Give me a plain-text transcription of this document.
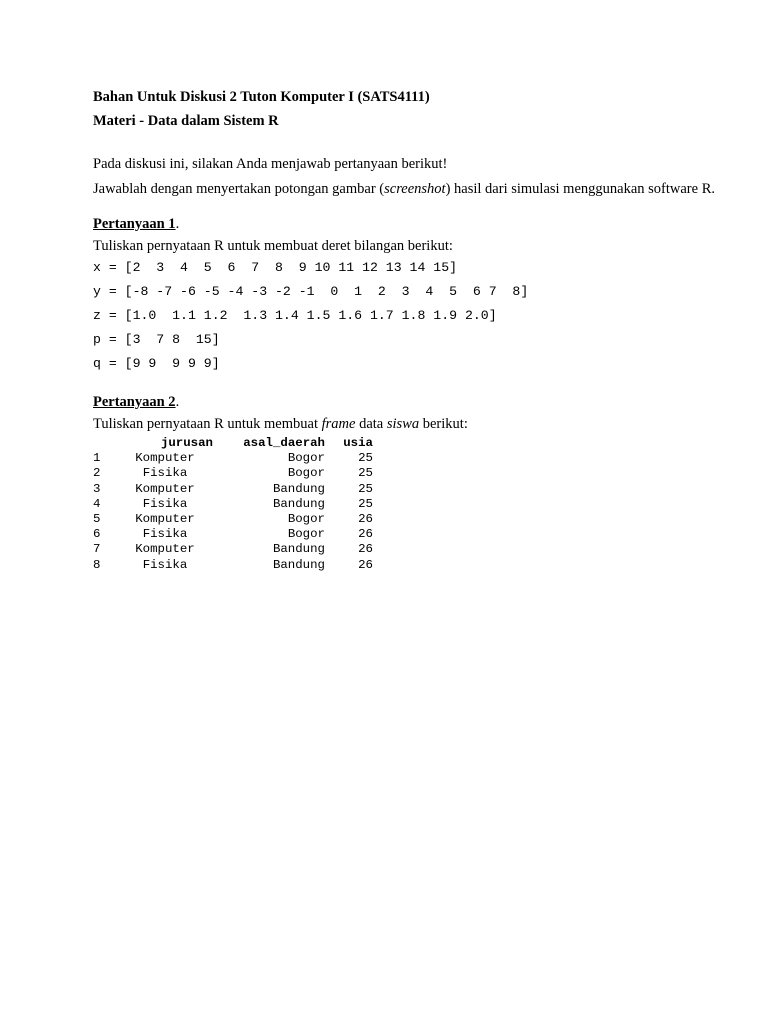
Bahan Untuk Diskusi 2 Tuton Komputer I (SATS4111)

Materi - Data dalam Sistem R

Pada diskusi ini, silakan Anda menjawab pertanyaan berikut!

Jawablah dengan menyertakan potongan gambar (screenshot) hasil dari simulasi menggunakan software R.

Pertanyaan 1.

Tuliskan pernyataan R untuk membuat deret bilangan berikut:

x = [2  3  4  5  6  7  8  9 10 11 12 13 14 15]
y = [-8 -7 -6 -5 -4 -3 -2 -1  0  1  2  3  4  5  6 7  8]
z = [1.0  1.1 1.2  1.3 1.4 1.5 1.6 1.7 1.8 1.9 2.0]
p = [3  7 8  15]
q = [9 9  9 9 9]

Pertanyaan 2.

Tuliskan pernyataan R untuk membuat frame data siswa berikut:

	jurusan	asal_daerah	usia
1	Komputer	Bogor	25
2	Fisika	Bogor	25
3	Komputer	Bandung	25
4	Fisika	Bandung	25
5	Komputer	Bogor	26
6	Fisika	Bogor	26
7	Komputer	Bandung	26
8	Fisika	Bandung	26
